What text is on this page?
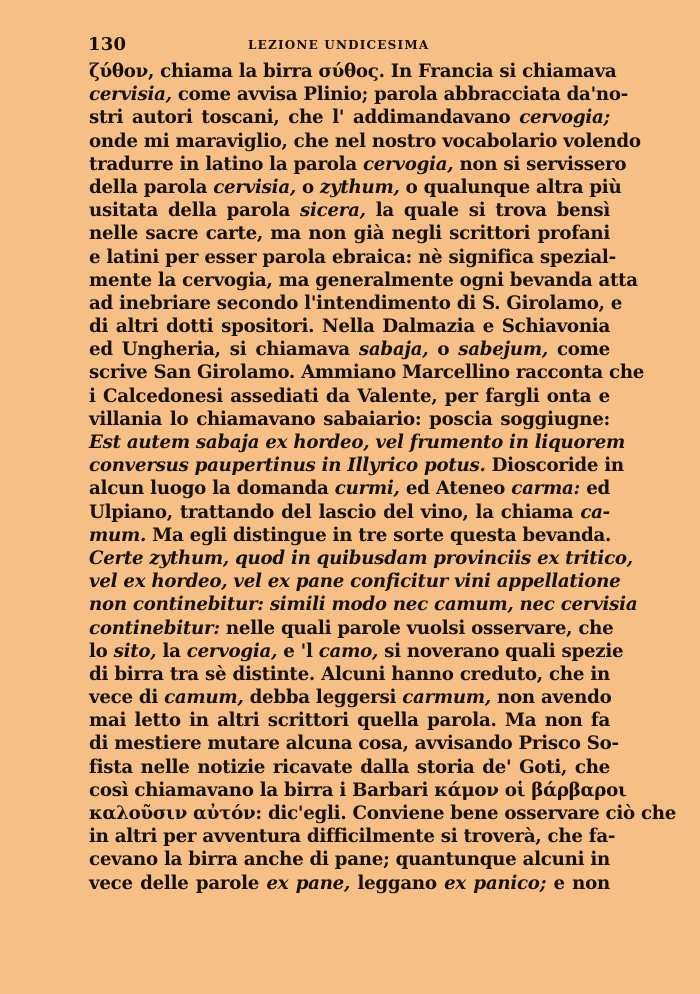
130	LEZIONE UNDICESIMA
ζύθον, chiama la birra σύθος. In Francia si chiamava
cervisia, come avvisa Plinio; parola abbracciata da'no-
stri autori toscani, che l' addimandavano cervogia;
onde mi maraviglio, che nel nostro vocabolario volendo
tradurre in latino la parola cervogia, non si servissero
della parola cervisia, o zythum, o qualunque altra più
usitata della parola sicera, la quale si trova bensì
nelle sacre carte, ma non già negli scrittori profani
e latini per esser parola ebraica: nè significa spezial-
mente la cervogia, ma generalmente ogni bevanda atta
ad inebriare secondo l'intendimento di S. Girolamo, e
di altri dotti spositori. Nella Dalmazia e Schiavonia
ed Ungheria, si chiamava sabaja, o sabejum, come
scrive San Girolamo. Ammiano Marcellino racconta che
i Calcedonesi assediati da Valente, per fargli onta e
villania lo chiamavano sabaiario: poscia soggiugne:
Est autem sabaja ex hordeo, vel frumento in liquorem
conversus paupertinus in Illyrico potus. Dioscoride in
alcun luogo la domanda curmi, ed Ateneo carma: ed
Ulpiano, trattando del lascio del vino, la chiama ca-
mum. Ma egli distingue in tre sorte questa bevanda.
Certe zythum, quod in quibusdam provinciis ex tritico,
vel ex hordeo, vel ex pane conficitur vini appellatione
non continebitur: simili modo nec camum, nec cervisia
continebitur: nelle quali parole vuolsi osservare, che
lo sito, la cervogia, e 'l camo, si noverano quali spezie
di birra tra sè distinte. Alcuni hanno creduto, che in
vece di camum, debba leggersi carmum, non avendo
mai letto in altri scrittori quella parola. Ma non fa
di mestiere mutare alcuna cosa, avvisando Prisco So-
fista nelle notizie ricavate dalla storia de' Goti, che
così chiamavano la birra i Barbari κάμον οἱ βάρβαροι
καλοῦσιν αὐτόν: dic'egli. Conviene bene osservare ciò che
in altri per avventura difficilmente si troverà, che fa-
cevano la birra anche di pane; quantunque alcuni in
vece delle parole ex pane, leggano ex panico; e non
